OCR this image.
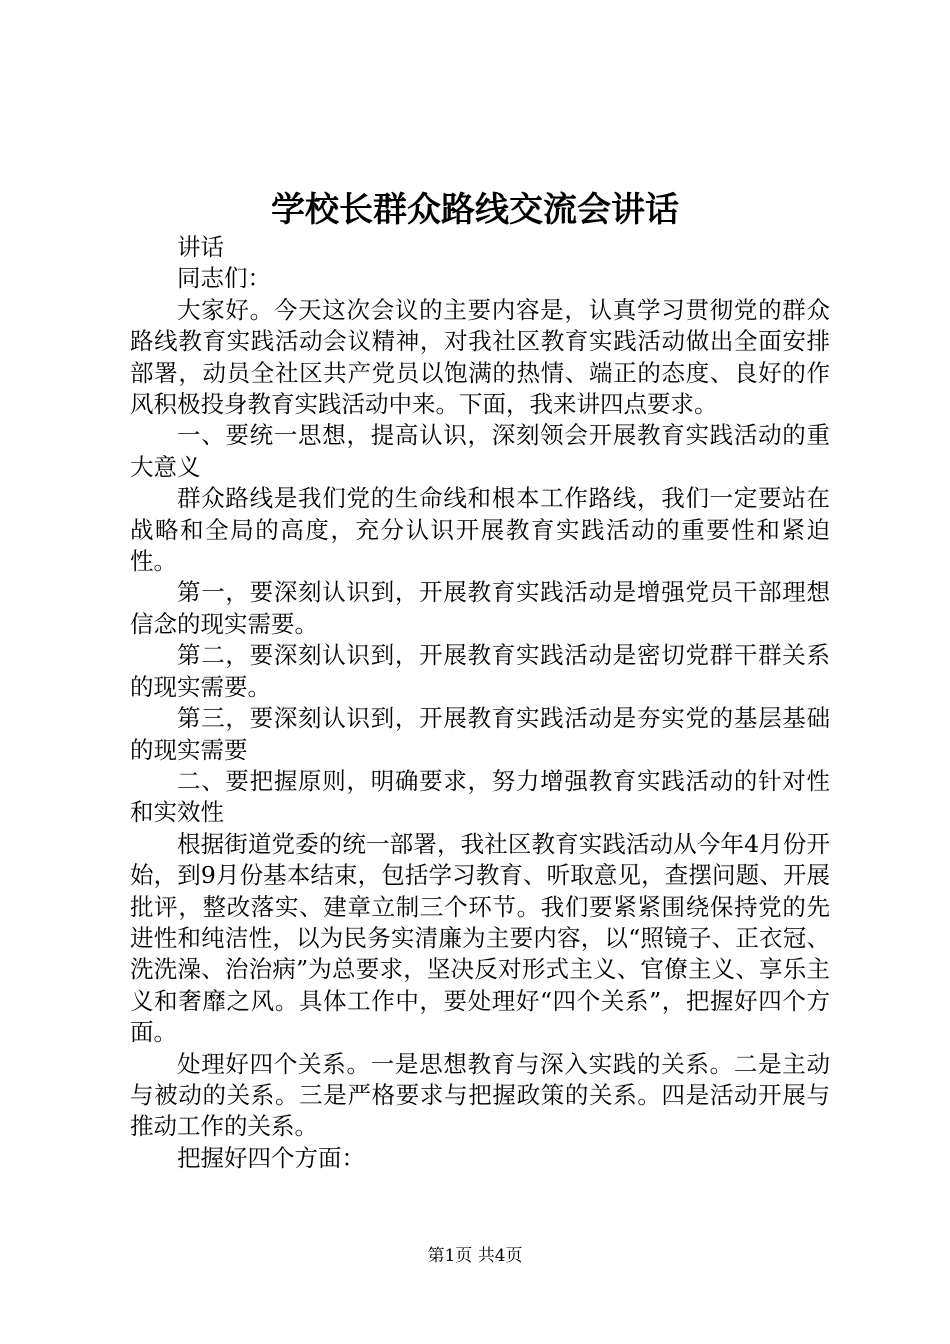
学校长群众路线交流会讲话

讲话

同志们：

大家好。今天这次会议的主要内容是，认真学习贯彻党的群众路线教育实践活动会议精神，对我社区教育实践活动做出全面安排部署，动员全社区共产党员以饱满的热情、端正的态度、良好的作风积极投身教育实践活动中来。下面，我来讲四点要求。

一、要统一思想，提高认识，深刻领会开展教育实践活动的重大意义

群众路线是我们党的生命线和根本工作路线，我们一定要站在战略和全局的高度，充分认识开展教育实践活动的重要性和紧迫性。

第一，要深刻认识到，开展教育实践活动是增强党员干部理想信念的现实需要。

第二，要深刻认识到，开展教育实践活动是密切党群干群关系的现实需要。

第三，要深刻认识到，开展教育实践活动是夯实党的基层基础的现实需要

二、要把握原则，明确要求，努力增强教育实践活动的针对性和实效性

根据街道党委的统一部署，我社区教育实践活动从今年4月份开始，到9月份基本结束，包括学习教育、听取意见，查摆问题、开展批评，整改落实、建章立制三个环节。我们要紧紧围绕保持党的先进性和纯洁性，以为民务实清廉为主要内容，以“照镜子、正衣冠、洗洗澡、治治病”为总要求，坚决反对形式主义、官僚主义、享乐主义和奢靡之风。具体工作中，要处理好“四个关系”，把握好四个方面。

处理好四个关系。一是思想教育与深入实践的关系。二是主动与被动的关系。三是严格要求与把握政策的关系。四是活动开展与推动工作的关系。

把握好四个方面：

第1页 共4页
